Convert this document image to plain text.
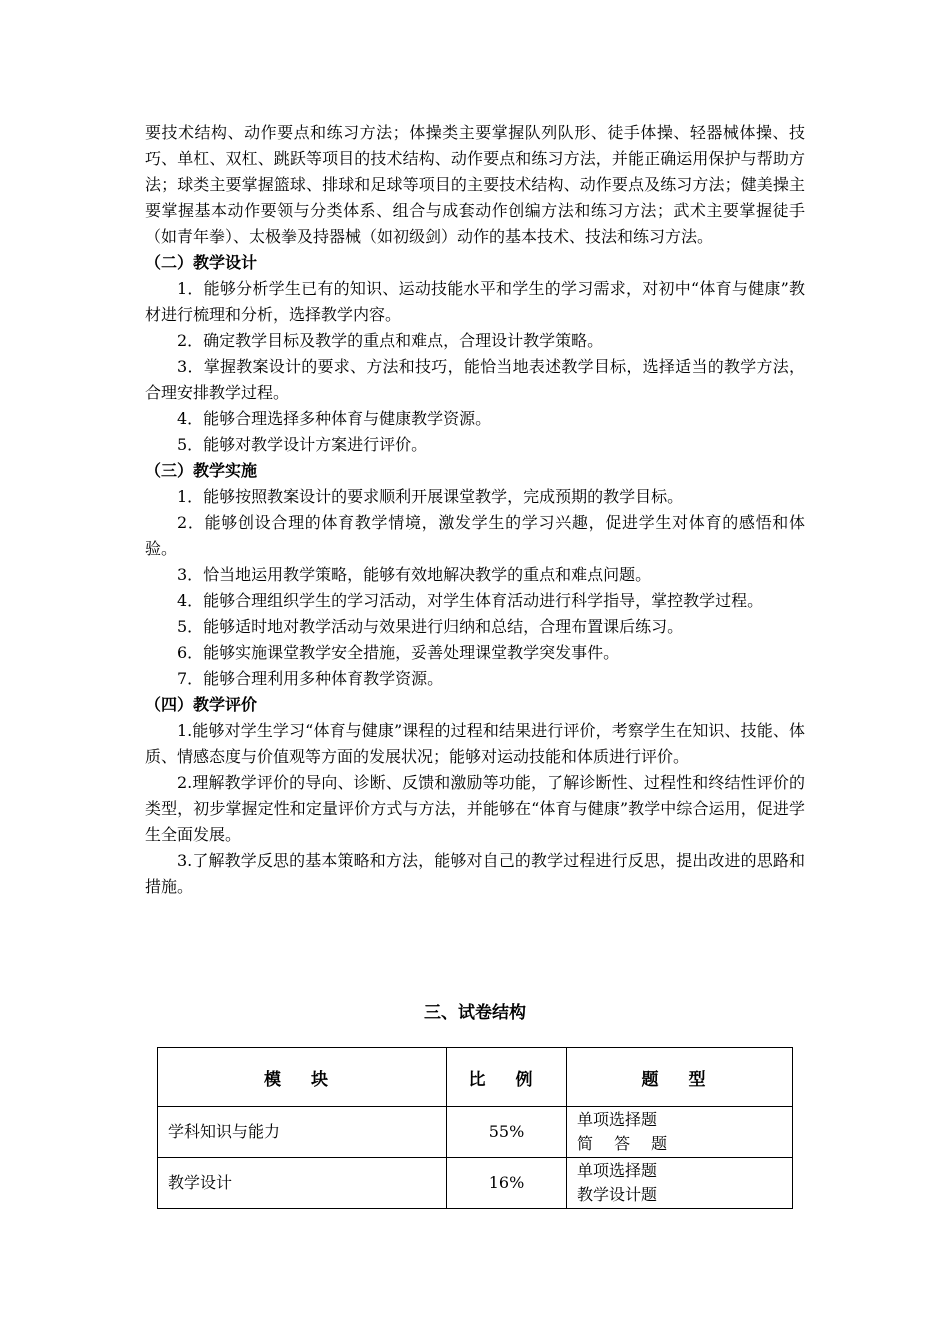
要技术结构、动作要点和练习方法；体操类主要掌握队列队形、徒手体操、轻器械体操、技巧、单杠、双杠、跳跃等项目的技术结构、动作要点和练习方法，并能正确运用保护与帮助方法；球类主要掌握篮球、排球和足球等项目的主要技术结构、动作要点及练习方法；健美操主要掌握基本动作要领与分类体系、组合与成套动作创编方法和练习方法；武术主要掌握徒手（如青年拳）、太极拳及持器械（如初级剑）动作的基本技术、技法和练习方法。

（二）教学设计

1．能够分析学生已有的知识、运动技能水平和学生的学习需求，对初中“体育与健康”教材进行梳理和分析，选择教学内容。

2．确定教学目标及教学的重点和难点，合理设计教学策略。

3．掌握教案设计的要求、方法和技巧，能恰当地表述教学目标，选择适当的教学方法，合理安排教学过程。

4．能够合理选择多种体育与健康教学资源。

5．能够对教学设计方案进行评价。

（三）教学实施

1．能够按照教案设计的要求顺利开展课堂教学，完成预期的教学目标。

2．能够创设合理的体育教学情境，激发学生的学习兴趣，促进学生对体育的感悟和体验。

3．恰当地运用教学策略，能够有效地解决教学的重点和难点问题。

4．能够合理组织学生的学习活动，对学生体育活动进行科学指导，掌控教学过程。

5．能够适时地对教学活动与效果进行归纳和总结，合理布置课后练习。

6．能够实施课堂教学安全措施，妥善处理课堂教学突发事件。

7．能够合理利用多种体育教学资源。

（四）教学评价

1.能够对学生学习“体育与健康”课程的过程和结果进行评价，考察学生在知识、技能、体质、情感态度与价值观等方面的发展状况；能够对运动技能和体质进行评价。

2.理解教学评价的导向、诊断、反馈和激励等功能，了解诊断性、过程性和终结性评价的类型，初步掌握定性和定量评价方式与方法，并能够在“体育与健康”教学中综合运用，促进学生全面发展。

3.了解教学反思的基本策略和方法，能够对自己的教学过程进行反思，提出改进的思路和措施。

三、试卷结构
模 块	比 例	题 型
学科知识与能力	55%	单项选择题
简 答 题

教学设计	16%	单项选择题
教学设计题
